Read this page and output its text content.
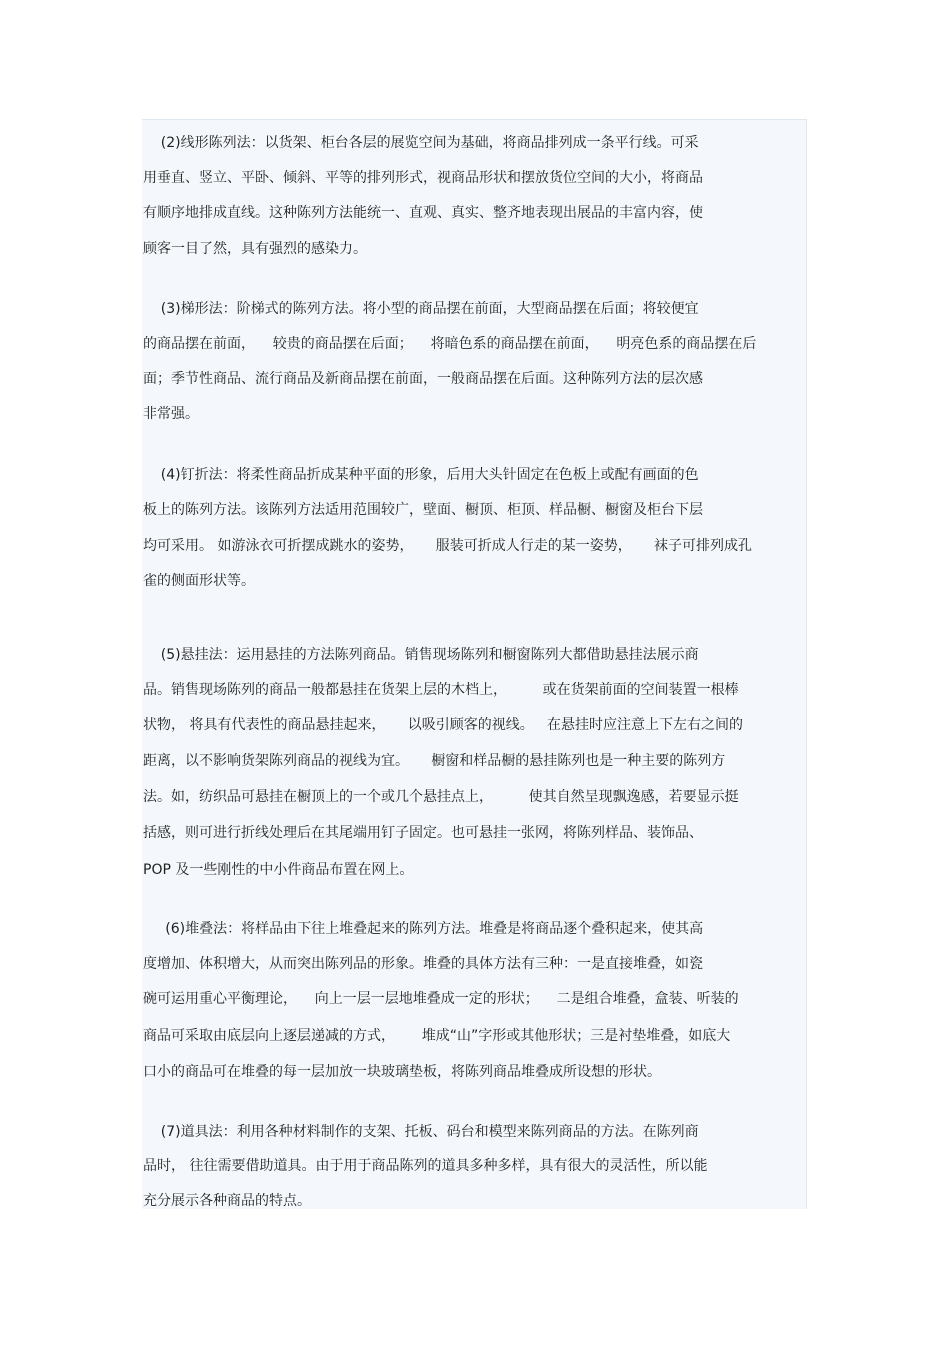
(2)线形陈列法：以货架、柜台各层的展览空间为基础，将商品排列成一条平行线。可采
用垂直、竖立、平卧、倾斜、平等的排列形式，视商品形状和摆放货位空间的大小，将商品
有顺序地排成直线。这种陈列方法能统一、直观、真实、整齐地表现出展品的丰富内容，使
顾客一目了然，具有强烈的感染力。
(3)梯形法：阶梯式的陈列方法。将小型的商品摆在前面，大型商品摆在后面；将较便宜
的商品摆在前面，    较贵的商品摆在后面；    将暗色系的商品摆在前面，    明亮色系的商品摆在后
面；季节性商品、流行商品及新商品摆在前面，一般商品摆在后面。这种陈列方法的层次感
非常强。
(4)钉折法：将柔性商品折成某种平面的形象，后用大头针固定在色板上或配有画面的色
板上的陈列方法。该陈列方法适用范围较广，壁面、橱顶、柜顶、样品橱、橱窗及柜台下层
均可采用。 如游泳衣可折摆成跳水的姿势，     服装可折成人行走的某一姿势，     袜子可排列成孔
雀的侧面形状等。
(5)悬挂法：运用悬挂的方法陈列商品。销售现场陈列和橱窗陈列大都借助悬挂法展示商
品。销售现场陈列的商品一般都悬挂在货架上层的木档上，        或在货架前面的空间装置一根棒
状物， 将具有代表性的商品悬挂起来，     以吸引顾客的视线。   在悬挂时应注意上下左右之间的
距离，以不影响货架陈列商品的视线为宜。     橱窗和样品橱的悬挂陈列也是一种主要的陈列方
法。如，纺织品可悬挂在橱顶上的一个或几个悬挂点上，        使其自然呈现飘逸感，若要显示挺
括感，则可进行折线处理后在其尾端用钉子固定。也可悬挂一张网，将陈列样品、装饰品、
POP 及一些刚性的中小件商品布置在网上。
(6)堆叠法：将样品由下往上堆叠起来的陈列方法。堆叠是将商品逐个叠积起来，使其高
度增加、体积增大，从而突出陈列品的形象。堆叠的具体方法有三种：一是直接堆叠，如瓷
碗可运用重心平衡理论，    向上一层一层地堆叠成一定的形状；    二是组合堆叠，盒装、听装的
商品可采取由底层向上逐层递减的方式，      堆成“山”字形或其他形状；三是衬垫堆叠，如底大
口小的商品可在堆叠的每一层加放一块玻璃垫板，将陈列商品堆叠成所设想的形状。
(7)道具法：利用各种材料制作的支架、托板、码台和模型来陈列商品的方法。在陈列商
品时， 往往需要借助道具。由于用于商品陈列的道具多种多样，具有很大的灵活性，所以能
充分展示各种商品的特点。
